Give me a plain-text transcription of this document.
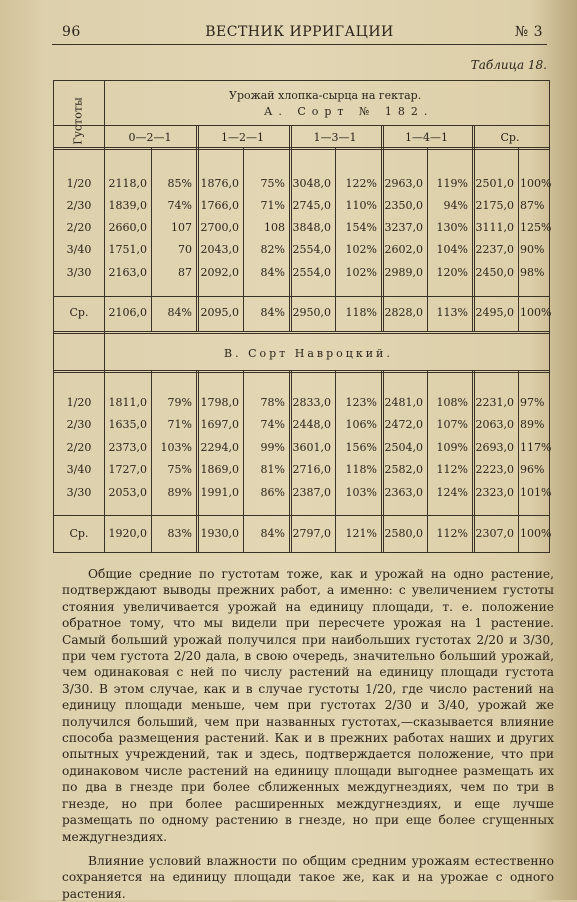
96	ВЕСТНИК ИРРИГАЦИИ	№ 3
Таблица 18.
Густоты
Урожай хлопка-сырца на гектар.
А. Сорт № 182.
В. Сорт Навроцкий.
0—2—1	1—2—1	1—3—1	1—4—1	Ср.
1/20	2118,0	85% 1876,0	75% 3048,0	122% 2963,0	119% 2501,0 100%
2/30	1839,0	74% 1766,0	71% 2745,0	110% 2350,0	94% 2175,0 87%
2/20	2660,0	107 2700,0	108 3848,0	154% 3237,0	130% 3111,0 125%
3/40	1751,0	70 2043,0	82% 2554,0	102% 2602,0	104% 2237,0 90%
3/30	2163,0	87 2092,0	84% 2554,0	102% 2989,0	120% 2450,0 98%
Ср.	2106,0	84% 2095,0	84% 2950,0	118% 2828,0	113% 2495,0 100%
1/20	1811,0	79% 1798,0	78% 2833,0	123% 2481,0	108% 2231,0 97%
2/30	1635,0	71% 1697,0	74% 2448,0	106% 2472,0	107% 2063,0 89%
2/20	2373,0	103% 2294,0	99% 3601,0	156% 2504,0	109% 2693,0 117%
3/40	1727,0	75% 1869,0	81% 2716,0	118% 2582,0	112% 2223,0 96%
3/30	2053,0	89% 1991,0	86% 2387,0	103% 2363,0	124% 2323,0 101%
Ср.	1920,0	83% 1930,0	84% 2797,0	121% 2580,0	112% 2307,0 100%

Общие средние по густотам тоже, как и урожай на одно растение, подтверждают выводы прежних работ, а именно: с увеличением густоты стояния увеличивается урожай на единицу площади, т. е. положение обратное тому, что мы видели при пересчете урожая на 1 растение. Самый больший урожай получился при наибольших густотах 2/20 и 3/30, при чем густота 2/20 дала, в свою очередь, значительно больший урожай, чем одинаковая с ней по числу растений на единицу площади густота 3/30. В этом случае, как и в случае густоты 1/20, где число растений на единицу площади меньше, чем при густотах 2/30 и 3/40, урожай же получился больший, чем при названных густотах,—сказывается влияние способа размещения растений. Как и в прежних работах наших и других опытных учреждений, так и здесь, подтверждается положение, что при одинаковом числе растений на единицу площади выгоднее размещать их по два в гнезде при более сближенных междугнездиях, чем по три в гнезде, но при более расширенных междугнездиях, и еще лучше размещать по одному растению в гнезде, но при еще более сгущенных междугнездиях.

Влияние условий влажности по общим средним урожаям естественно сохраняется на единицу площади такое же, как и на урожае с одного растения.
